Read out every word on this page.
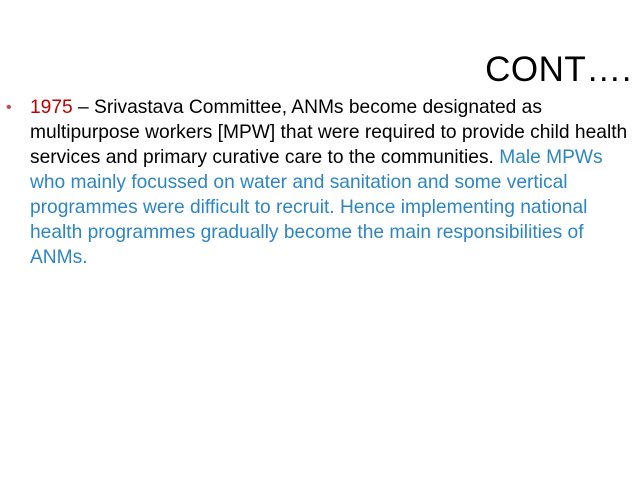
CONT….
• 1975 – Srivastava Committee, ANMs become designated as multipurpose workers [MPW] that were required to provide child health services and primary curative care to the communities. Male MPWs who mainly focussed on water and sanitation and some vertical programmes were difficult to recruit. Hence implementing national health programmes gradually become the main responsibilities of ANMs.
